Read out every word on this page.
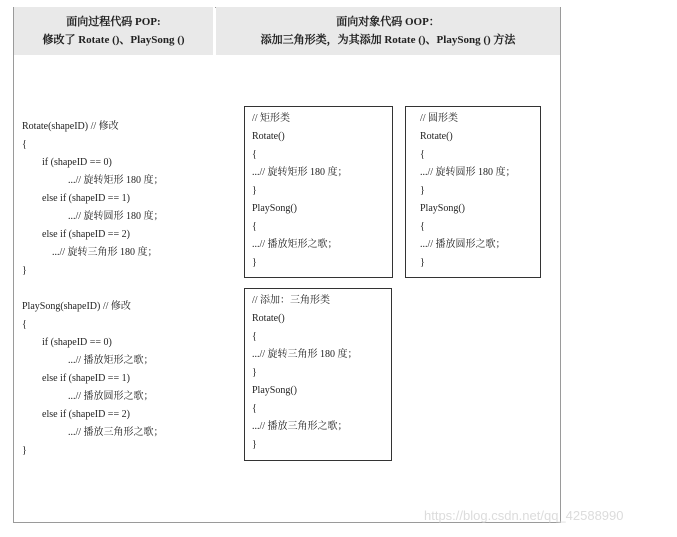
面向过程代码 POP:
修改了 Rotate ()、PlaySong ()
面向对象代码 OOP：
添加三角形类，为其添加 Rotate ()、PlaySong () 方法
Rotate(shapeID) // 修改
{
if (shapeID == 0)
...// 旋转矩形 180 度；
else if (shapeID == 1)
...// 旋转圆形 180 度；
else if (shapeID == 2)
...// 旋转三角形 180 度；
}
PlaySong(shapeID) // 修改
{
if (shapeID == 0)
...// 播放矩形之歌；
else if (shapeID == 1)
...// 播放圆形之歌；
else if (shapeID == 2)
...// 播放三角形之歌；
}
// 矩形类
Rotate()
{
...// 旋转矩形 180 度；
}
PlaySong()
{
...// 播放矩形之歌；
}
// 圆形类
Rotate()
{
...// 旋转圆形 180 度；
}
PlaySong()
{
...// 播放圆形之歌；
}
// 添加：三角形类
Rotate()
{
...// 旋转三角形 180 度；
}
PlaySong()
{
...// 播放三角形之歌；
}
https://blog.csdn.net/qq_42588990
